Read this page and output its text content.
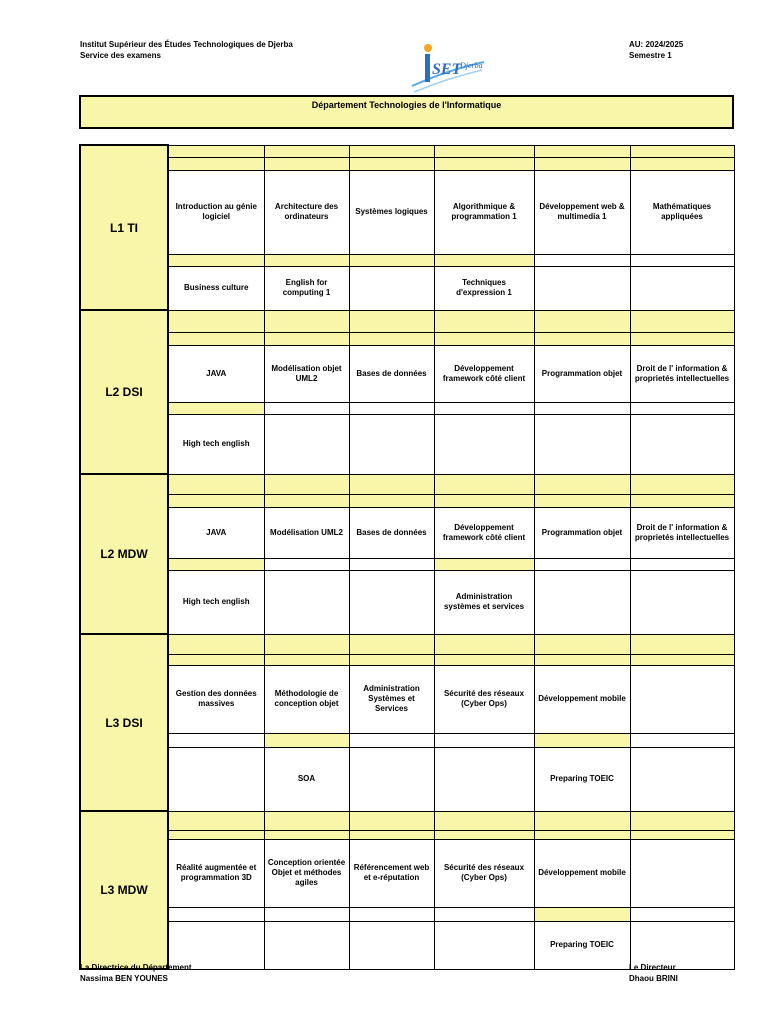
Institut Supérieur des Études Technologiques de Djerba
Service des examens
SET
Djerba
AU: 2024/2025
Semestre 1
Département Technologies de l'Informatique
L1 TI						

	Introduction au génie logiciel	Architecture des ordinateurs	Systèmes logiques	Algorithmique & programmation 1	Développement web & multimedia 1	Mathématiques appliquées

	Business culture	English for computing 1		Techniques d'expression 1		
L2 DSI						

	JAVA	Modélisation objet UML2	Bases de données	Développement framework côté client	Programmation objet	Droit de l' information & proprietés intellectuelles

	High tech english					
L2 MDW						

	JAVA	Modélisation UML2	Bases de données	Développement framework côté client	Programmation objet	Droit de l' information & proprietés intellectuelles

	High tech english			Administration systèmes et services		
L3 DSI						

	Gestion des données massives	Méthodologie de conception objet	Administration Systèmes et Services	Sécurité des réseaux (Cyber Ops)	Développement mobile	

		SOA			Preparing TOEIC	
L3 MDW						

	Réalité augmentée et programmation 3D	Conception orientée Objet et méthodes agiles	Référencement web et e-réputation	Sécurité des réseaux (Cyber Ops)	Développement mobile	

					Preparing TOEIC	
La Directrice du Département
Nassima BEN YOUNES
Le Directeur
Dhaou BRINI
